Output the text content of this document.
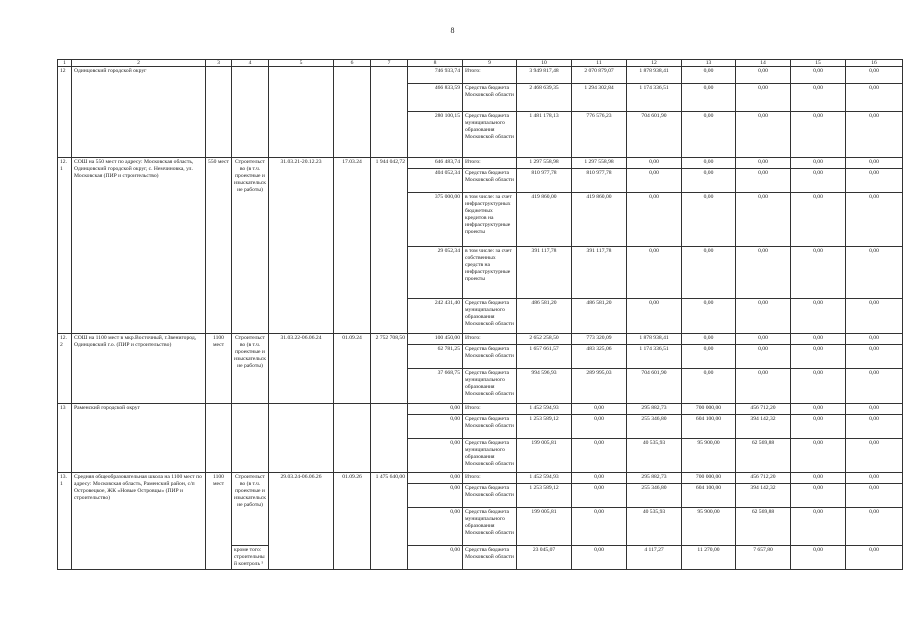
8
1	2	3	4	5	6	7	8	9	10	11	12	13	14	15	16
12	Одинцовский городской округ						746 933,74	Итого:	3 949 817,48	2 070 879,07	1 878 938,41	0,00	0,00	0,00	0,00
							466 833,59	Средства бюджета Московской области	2 468 639,35	1 294 302,84	1 174 336,51	0,00	0,00	0,00	0,00
							280 100,15	Средства бюджета муниципального образования Московской области	1 481 178,13	776 576,23	704 601,90	0,00	0,00	0,00	0,00
12.1	СОШ на 550 мест по адресу: Московская область, Одинцовский городской округ, с. Немчиновка, ул. Московская (ПИР и строительство)	550 мест	Строительство (в т.ч. проектные и изыскательские работы)	31.03.21-20.12.23	17.03.24	1 944 042,72	646 483,74	Итого:	1 297 558,98	1 297 558,98	0,00	0,00	0,00	0,00	0,00
							404 052,34	Средства бюджета Московской области	810 977,78	810 977,78	0,00	0,00	0,00	0,00	0,00
							375 000,00	в том числе: за счет инфраструктурных бюджетных кредитов на инфраструктурные проекты	419 860,00	419 860,00	0,00	0,00	0,00	0,00	0,00
							29 052,34	в том числе: за счет собственных средств на инфраструктурные проекты	391 117,78	391 117,78	0,00	0,00	0,00	0,00	0,00
							242 431,40	Средства бюджета муниципального образования Московской области	486 581,20	486 581,20	0,00	0,00	0,00	0,00	0,00
12.2	СОШ на 1100 мест в мкр.Восточный, г.Звенигород, Одинцовский г.о. (ПИР и строительство)	1100 мест	Строительство (в т.ч. проектные и изыскательские работы)	31.03.22-06.06.24	01.09.24	2 752 708,50	100 450,00	Итого:	2 652 258,50	773 320,09	1 878 938,41	0,00	0,00	0,00	0,00
							62 781,25	Средства бюджета Московской области	1 657 661,57	483 325,06	1 174 336,51	0,00	0,00	0,00	0,00
							37 668,75	Средства бюджета муниципального образования Московской области	994 596,93	289 995,03	704 601,90	0,00	0,00	0,00	0,00
13	Раменский городской округ						0,00	Итого:	1 452 594,93	0,00	295 882,73	700 000,00	456 712,20	0,00	0,00
							0,00	Средства бюджета Московской области	1 253 589,12	0,00	255 346,80	604 100,00	394 142,32	0,00	0,00
							0,00	Средства бюджета муниципального образования Московской области	199 005,81	0,00	40 535,93	95 900,00	62 569,88	0,00	0,00
13.1	Средняя общеобразовательная школа на 1100 мест по адресу: Московская область, Раменский район, с/п Островецкое, ЖК «Новые Островцы» (ПИР и строительство)	1100 мест	Строительство (в т.ч. проектные и изыскательские работы)	29.03.24-06.06.26	01.09.26	1 475 640,00	0,00	Итого:	1 452 594,93	0,00	295 882,73	700 000,00	456 712,20	0,00	0,00
							0,00	Средства бюджета Московской области	1 253 589,12	0,00	255 346,80	604 100,00	394 142,32	0,00	0,00
							0,00	Средства бюджета муниципального образования Московской области	199 005,81	0,00	40 535,93	95 900,00	62 569,88	0,00	0,00
			кроме того: строительный контроль ⁵				0,00	Средства бюджета Московской области	23 045,07	0,00	4 117,27	11 270,00	7 657,80	0,00	0,00
